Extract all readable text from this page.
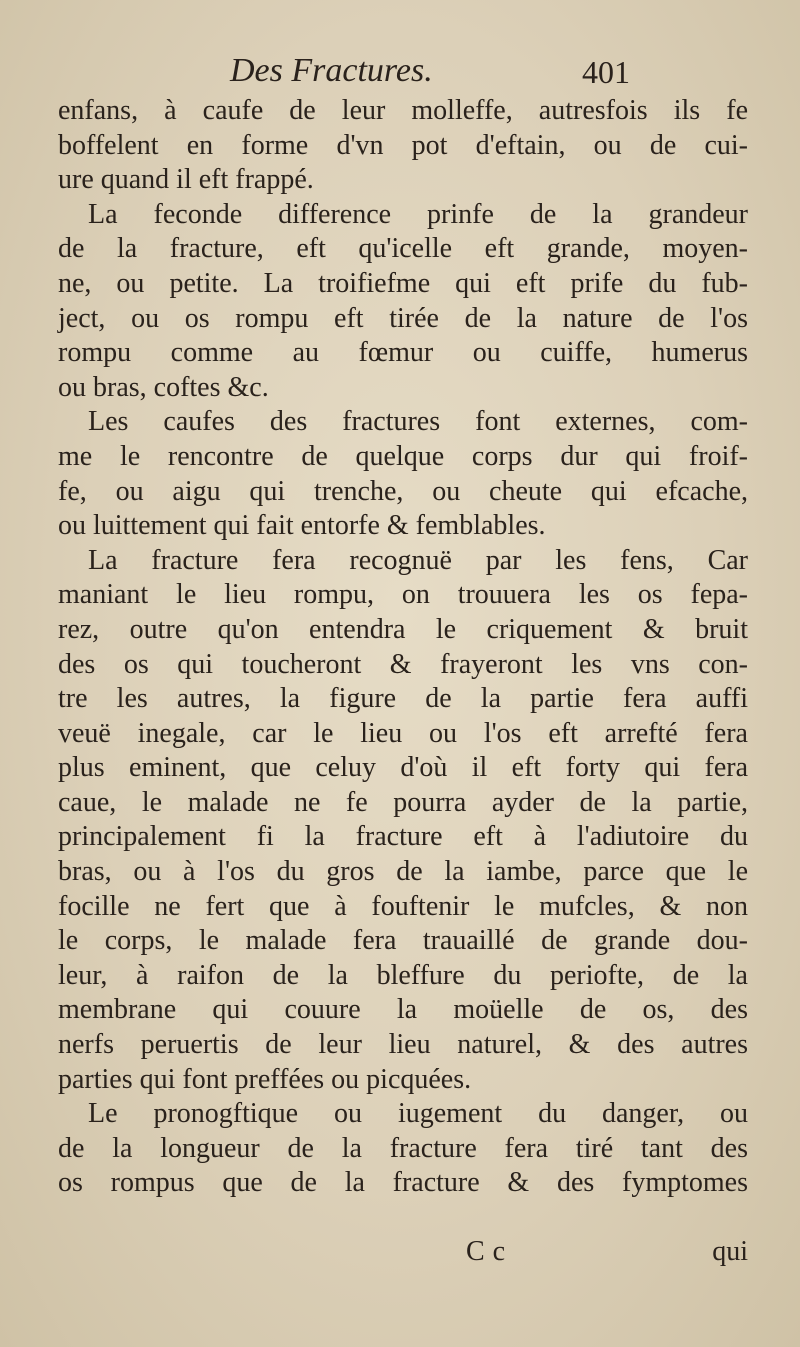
Des Fractures.	401
enfans, à caufe de leur molleffe, autresfois ils fe
boffelent en forme d'vn pot d'eftain, ou de cui-
ure quand il eft frappé.
La feconde difference prinfe de la grandeur
de la fracture, eft qu'icelle eft grande, moyen-
ne, ou petite. La troifiefme qui eft prife du fub-
ject, ou os rompu eft tirée de la nature de l'os
rompu comme au fœmur ou cuiffe, humerus
ou bras, coftes &c.
Les caufes des fractures font externes, com-
me le rencontre de quelque corps dur qui froif-
fe, ou aigu qui trenche, ou cheute qui efcache,
ou luittement qui fait entorfe & femblables.
La fracture fera recognuë par les fens, Car
maniant le lieu rompu, on trouuera les os fepa-
rez, outre qu'on entendra le criquement & bruit
des os qui toucheront & frayeront les vns con-
tre les autres, la figure de la partie fera auffi
veuë inegale, car le lieu ou l'os eft arrefté fera
plus eminent, que celuy d'où il eft forty qui fera
caue, le malade ne fe pourra ayder de la partie,
principalement fi la fracture eft à l'adiutoire du
bras, ou à l'os du gros de la iambe, parce que le
focille ne fert que à fouftenir le mufcles, & non
le corps, le malade fera trauaillé de grande dou-
leur, à raifon de la bleffure du periofte, de la
membrane qui couure la moüelle de os, des
nerfs peruertis de leur lieu naturel, & des autres
parties qui font preffées ou picquées.
Le pronogftique ou iugement du danger, ou
de la longueur de la fracture fera tiré tant des
os rompus que de la fracture & des fymptomes
Cc	qui
